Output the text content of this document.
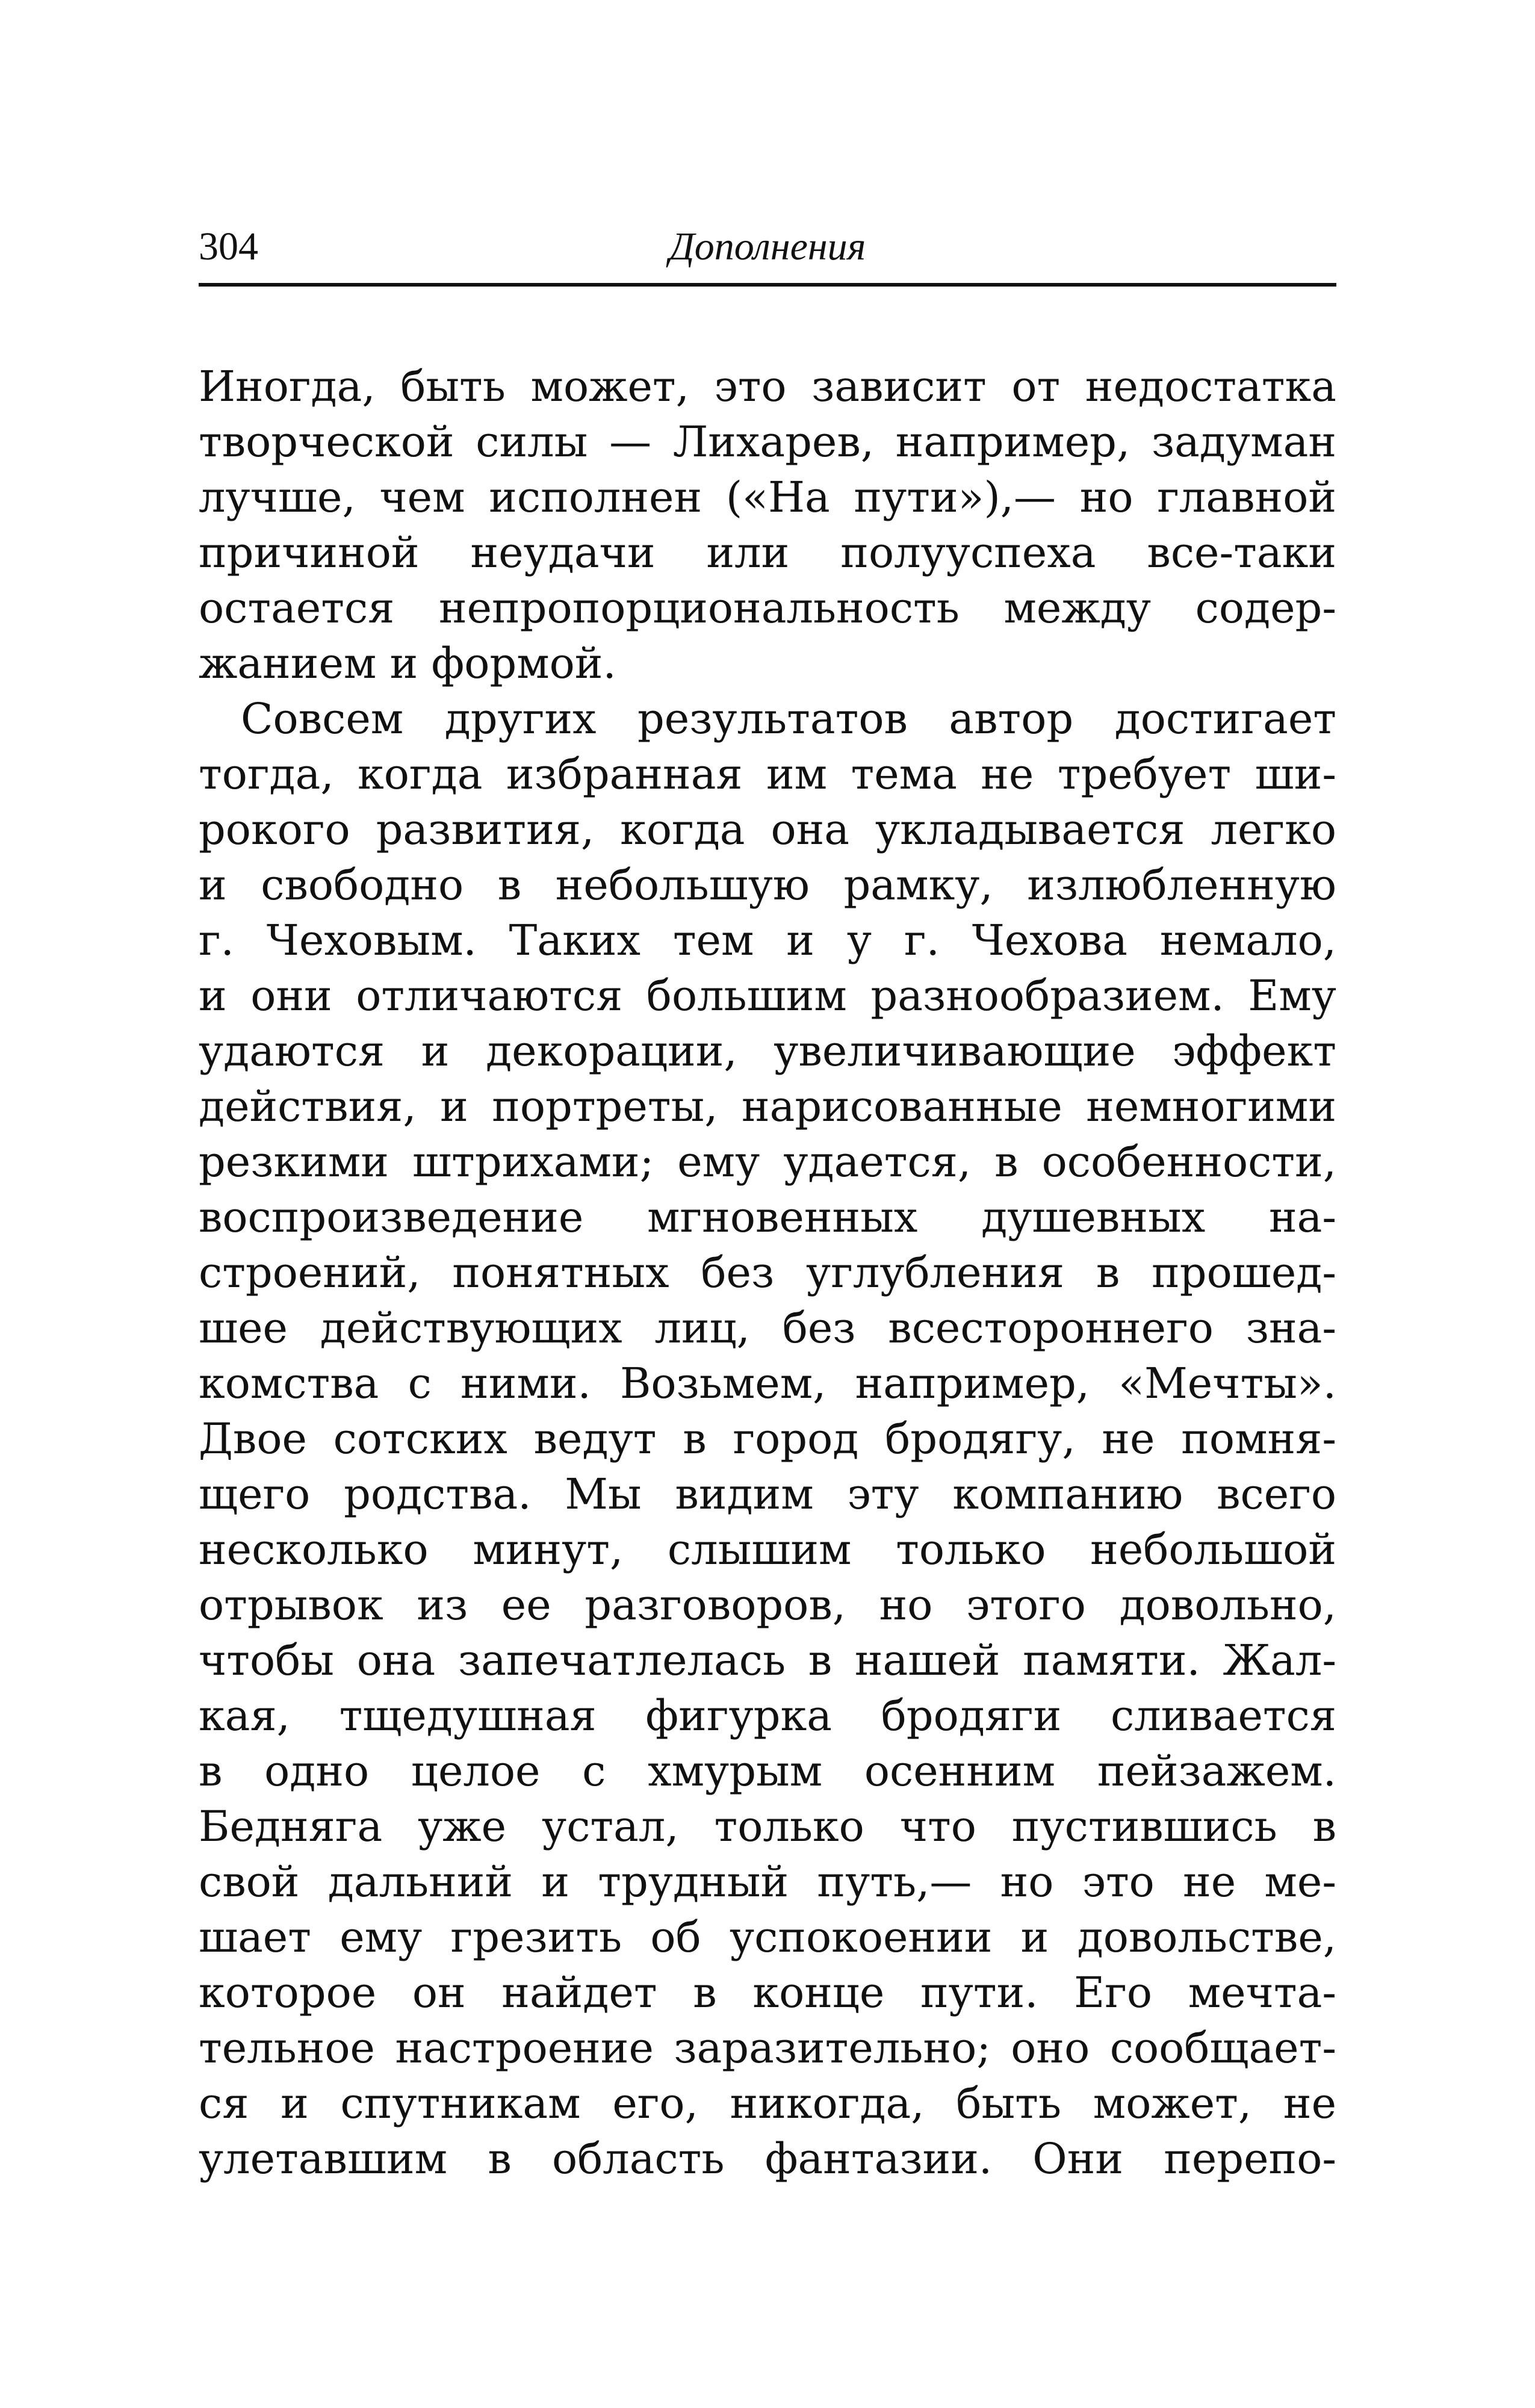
304	Дополнения
Иногда, быть может, это зависит от недостатка
творческой силы — Лихарев, например, задуман
лучше, чем исполнен («На пути»),— но главной
причиной неудачи или полууспеха все-таки
остается непропорциональность между содер-
жанием и формой.
Совсем других результатов автор достигает
тогда, когда избранная им тема не требует ши-
рокого развития, когда она укладывается легко
и свободно в небольшую рамку, излюбленную
г. Чеховым. Таких тем и у г. Чехова немало,
и они отличаются большим разнообразием. Ему
удаются и декорации, увеличивающие эффект
действия, и портреты, нарисованные немногими
резкими штрихами; ему удается, в особенности,
воспроизведение мгновенных душевных на-
строений, понятных без углубления в прошед-
шее действующих лиц, без всестороннего зна-
комства с ними. Возьмем, например, «Мечты».
Двое сотских ведут в город бродягу, не помня-
щего родства. Мы видим эту компанию всего
несколько минут, слышим только небольшой
отрывок из ее разговоров, но этого довольно,
чтобы она запечатлелась в нашей памяти. Жал-
кая, тщедушная фигурка бродяги сливается
в одно целое с хмурым осенним пейзажем.
Бедняга уже устал, только что пустившись в
свой дальний и трудный путь,— но это не ме-
шает ему грезить об успокоении и довольстве,
которое он найдет в конце пути. Его мечта-
тельное настроение заразительно; оно сообщает-
ся и спутникам его, никогда, быть может, не
улетавшим в область фантазии. Они перепо-
